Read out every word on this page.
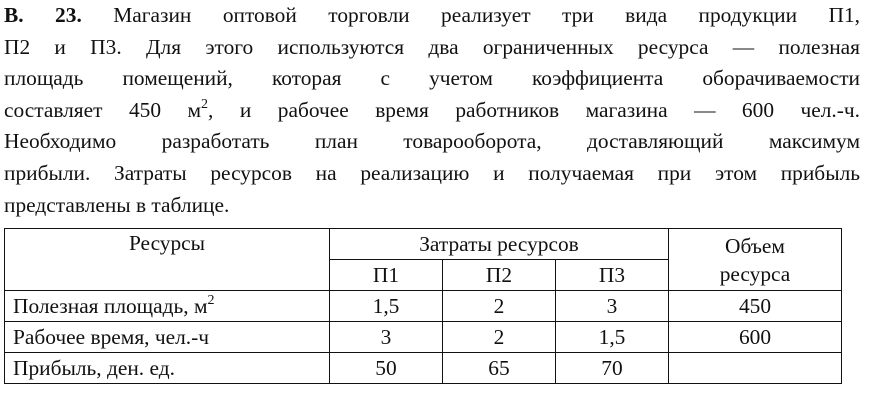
В. 23. Магазин оптовой торговли реализует три вида продукции П1,
П2 и П3. Для этого используются два ограниченных ресурса — полезная
площадь помещений, которая с учетом коэффициента оборачиваемости
составляет 450 $м^2$, и рабочее время работников магазина — 600 чел.-ч.
Необходимо разработать план товарооборота, доставляющий максимум
прибыли. Затраты ресурсов на реализацию и получаемая при этом прибыль
представлены в таблице.

Ресурсы	Затраты ресурсов			Объем
ресурса
	П1	П2	П3	
Полезная площадь, $м^2$	1,5	2	3	450
Рабочее время, чел.-ч	3	2	1,5	600
Прибыль, ден. ед.	50	65	70	
